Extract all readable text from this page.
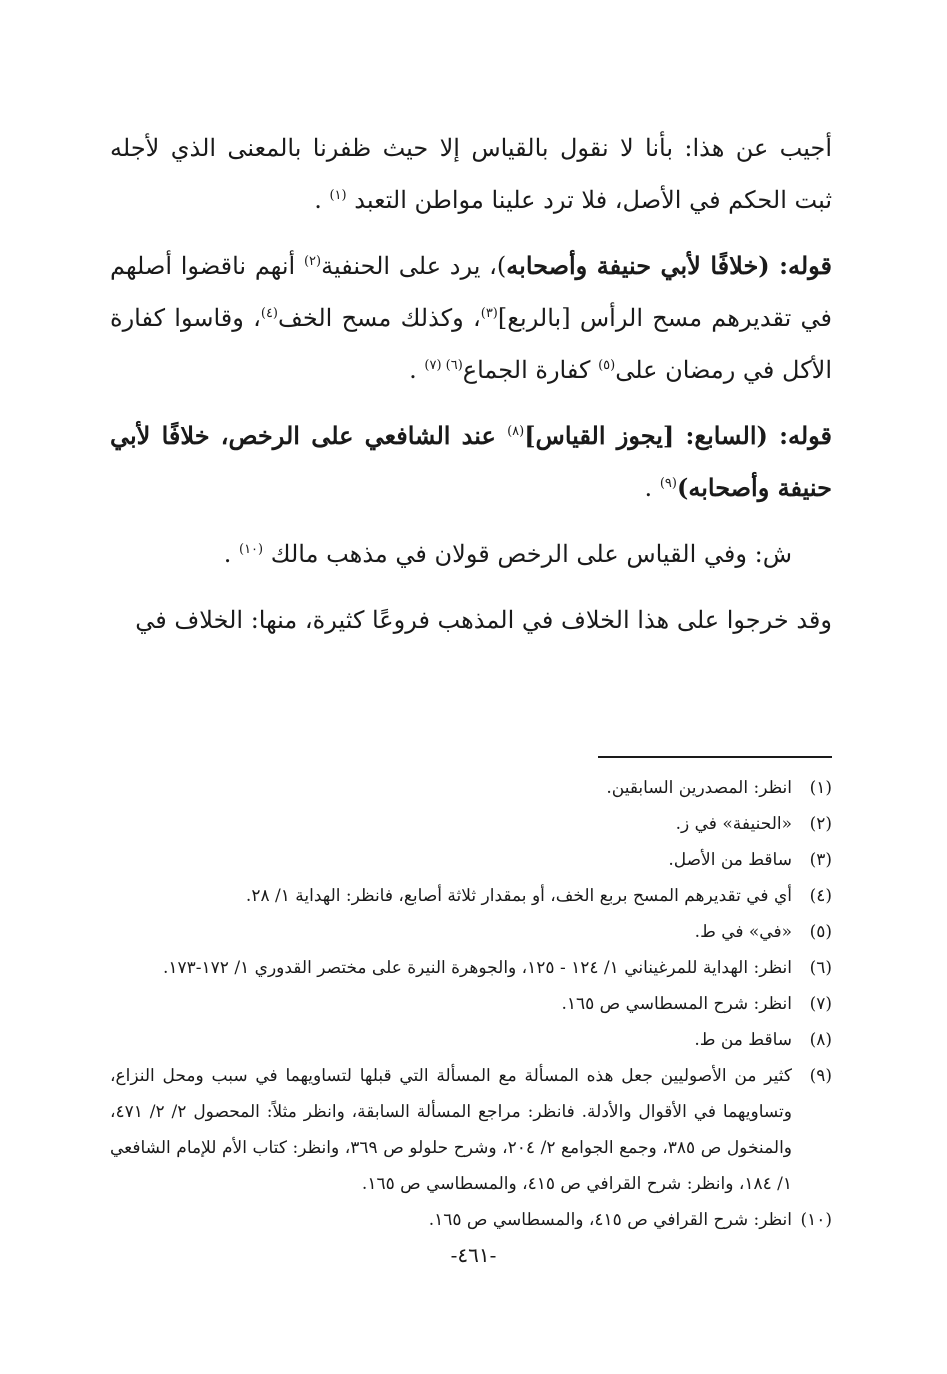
أجيب عن هذا: بأنا لا نقول بالقياس إلا حيث ظفرنا بالمعنى الذي لأجله ثبت الحكم في الأصل، فلا ترد علينا مواطن التعبد $^{(١)}$ .

قوله: (خلافًا لأبي حنيفة وأصحابه)، يرد على الحنفية$^{(٢)}$ أنهم ناقضوا أصلهم في تقديرهم مسح الرأس [بالربع]$^{(٣)}$، وكذلك مسح الخف$^{(٤)}$، وقاسوا كفارة الأكل في رمضان على$^{(٥)}$ كفارة الجماع$^{(٦) (٧)}$ .

قوله: (السابع: [يجوز القياس]$^{(٨)}$ عند الشافعي على الرخص، خلافًا لأبي حنيفة وأصحابه)$^{(٩)}$ .

ش: وفي القياس على الرخص قولان في مذهب مالك $^{(١٠)}$ .

وقد خرجوا على هذا الخلاف في المذهب فروعًا كثيرة، منها: الخلاف في

(١)
انظر: المصدرين السابقين.
(٢)
«الحنيفة» في ز.
(٣)
ساقط من الأصل.
(٤)
أي في تقديرهم المسح بربع الخف، أو بمقدار ثلاثة أصابع، فانظر: الهداية ١/ ٢٨.
(٥)
«في» في ط.
(٦)
انظر: الهداية للمرغيناني ١/ ١٢٤ - ١٢٥، والجوهرة النيرة على مختصر القدوري ١/ ١٧٢-١٧٣.
(٧)
انظر: شرح المسطاسي ص ١٦٥.
(٨)
ساقط من ط.
(٩)
كثير من الأصوليين جعل هذه المسألة مع المسألة التي قبلها لتساويهما في سبب ومحل النزاع، وتساويهما في الأقوال والأدلة. فانظر: مراجع المسألة السابقة، وانظر مثلاً: المحصول ٢/ ٢/ ٤٧١، والمنخول ص ٣٨٥، وجمع الجوامع ٢/ ٢٠٤، وشرح حلولو ص ٣٦٩، وانظر: كتاب الأم للإمام الشافعي ١/ ١٨٤، وانظر: شرح القرافي ص ٤١٥، والمسطاسي ص ١٦٥.
(١٠)
انظر: شرح القرافي ص ٤١٥، والمسطاسي ص ١٦٥.
-٤٦١-
